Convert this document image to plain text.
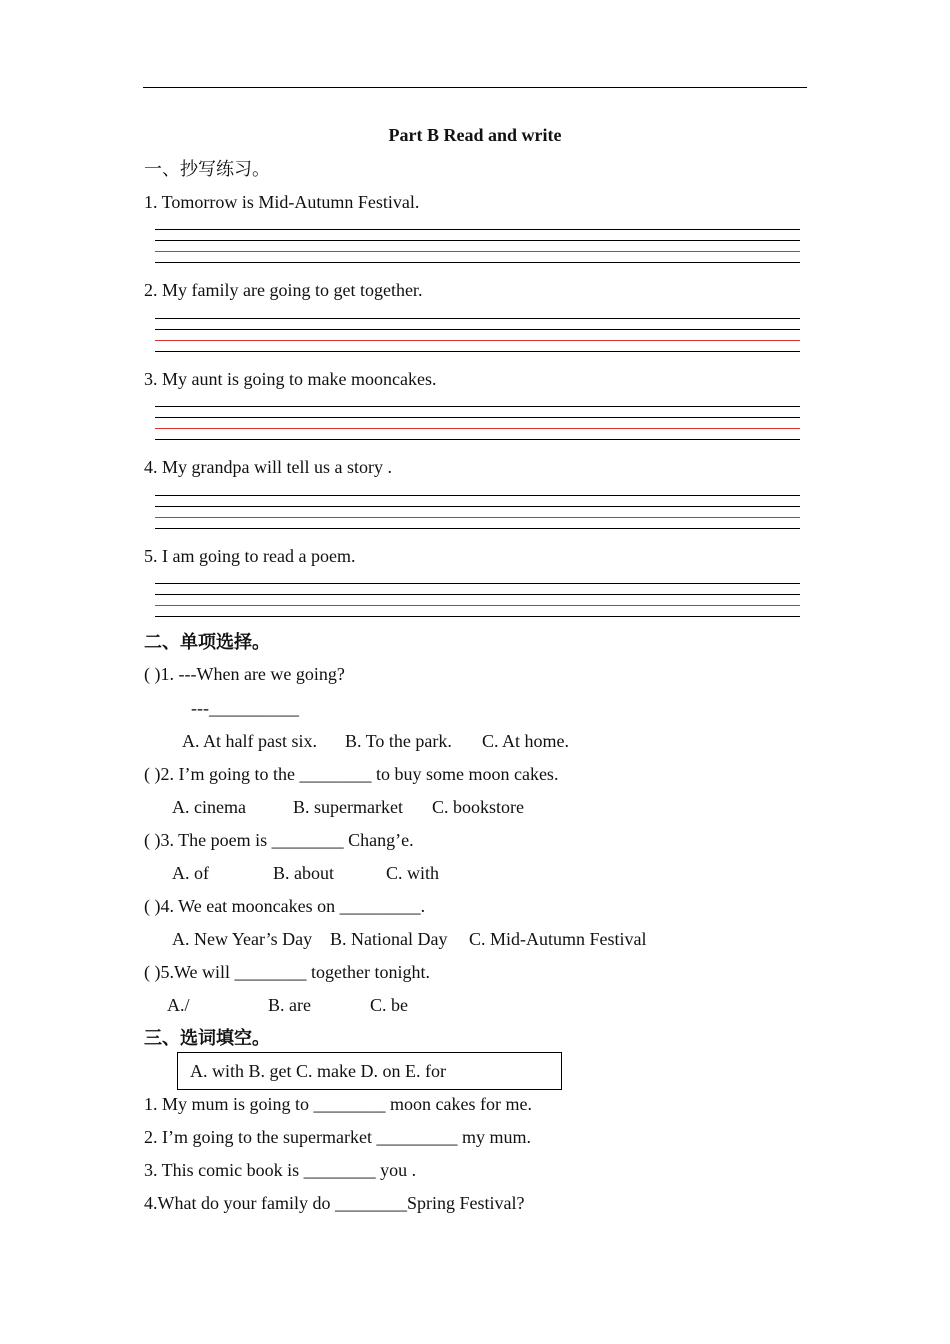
Part B Read and write
一、抄写练习。
1. Tomorrow is Mid-Autumn Festival.
2. My family are going to get together.
3. My aunt is going to make mooncakes.
4. My grandpa will tell us a story .
5. I am going to read a poem.
二、单项选择。
( )1. ---When are we going?
---__________
A. At half past six. B. To the park. C. At home.
( )2. I’m going to the ________ to buy some moon cakes.
A. cinema	B. supermarket C. bookstore
( )3. The poem is ________ Chang’e.
A. of	B. about	C. with
( )4. We eat mooncakes on _________.
A. New Year’s Day B. National Day C. Mid-Autumn Festival
( )5.We will ________ together tonight.
A./	B. are	C. be
三、选词填空。
A. with B. get C. make D. on E. for
1. My mum is going to ________ moon cakes for me.
2. I’m going to the supermarket _________ my mum.
3. This comic book is ________ you .
4.What do your family do ________Spring Festival?
